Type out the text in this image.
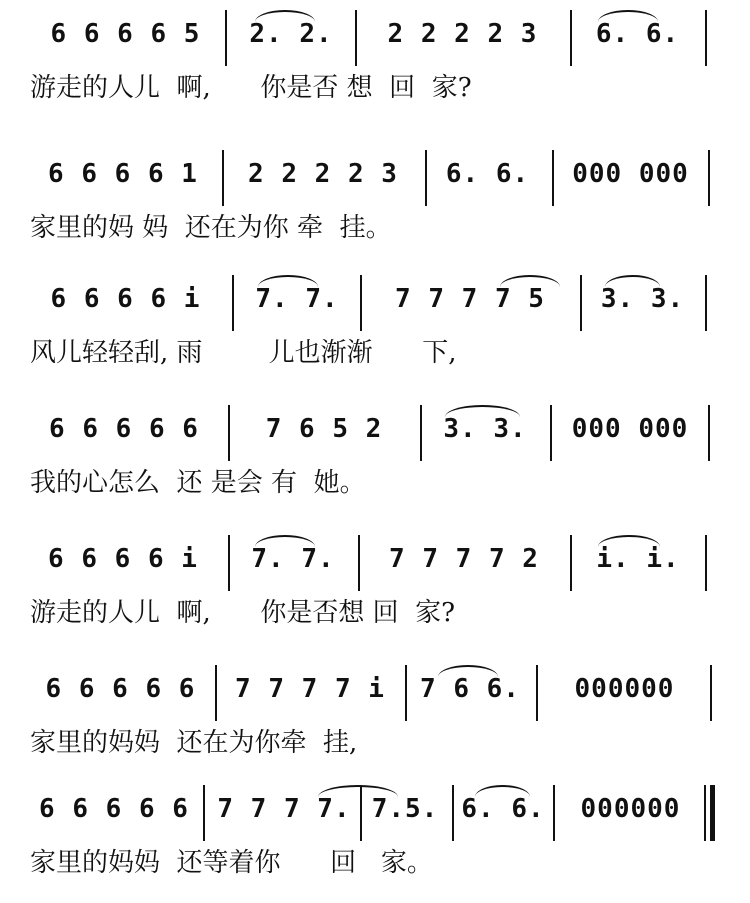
6 6 6 6 5	2. 2.	2 2 2 2 3	6. 6.
游走的人儿  啊,      你是否 想  回  家?
6 6 6 6 1	2 2 2 2 3	6. 6.	000 000
家里的妈 妈  还在为你 牵  挂。
6 6 6 6 i	7. 7.	7 7 7 7 5	3. 3.
风儿轻轻刮, 雨        儿也渐渐      下,
6 6 6 6 6	7 6 5 2	3. 3.	000 000
我的心怎么  还 是会 有  她。
6 6 6 6 i	7. 7.	7 7 7 7 2	i. i.
游走的人儿  啊,      你是否想 回  家?
6 6 6 6 6	7 7 7 7 i	7 6 6.	000000
家里的妈妈  还在为你牵  挂,
6 6 6 6 6	7 7 7 7. 7.5. 6. 6.	000000
家里的妈妈  还等着你      回   家。
